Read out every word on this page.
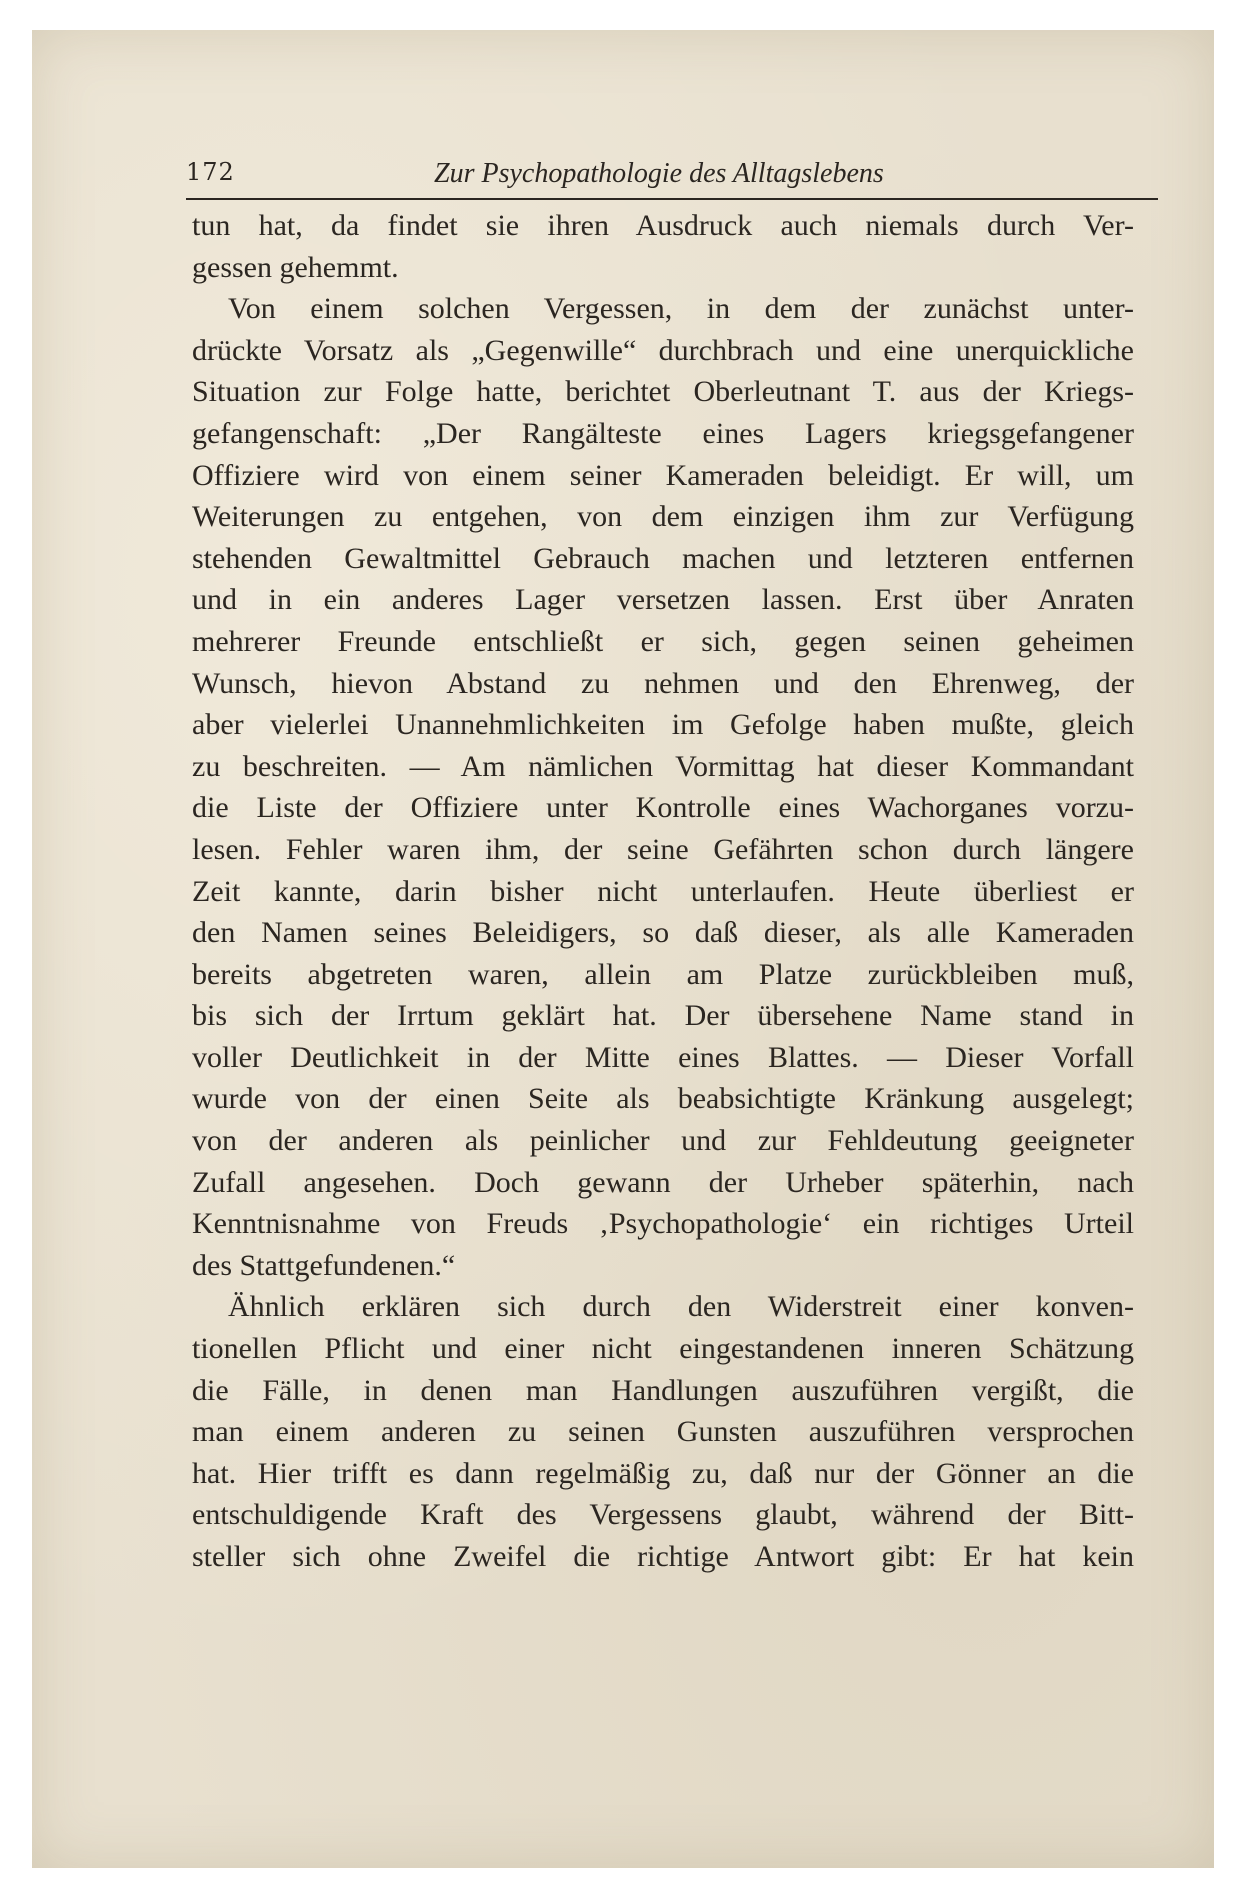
172	Zur Psychopathologie des Alltagslebens
tun hat, da findet sie ihren Ausdruck auch niemals durch Ver-
gessen gehemmt.
Von einem solchen Vergessen, in dem der zunächst unter-
drückte Vorsatz als „Gegenwille“ durchbrach und eine unerquickliche
Situation zur Folge hatte, berichtet Oberleutnant T. aus der Kriegs-
gefangenschaft: „Der Rangälteste eines Lagers kriegsgefangener
Offiziere wird von einem seiner Kameraden beleidigt. Er will, um
Weiterungen zu entgehen, von dem einzigen ihm zur Verfügung
stehenden Gewaltmittel Gebrauch machen und letzteren entfernen
und in ein anderes Lager versetzen lassen. Erst über Anraten
mehrerer Freunde entschließt er sich, gegen seinen geheimen
Wunsch, hievon Abstand zu nehmen und den Ehrenweg, der
aber vielerlei Unannehmlichkeiten im Gefolge haben mußte, gleich
zu beschreiten. — Am nämlichen Vormittag hat dieser Kommandant
die Liste der Offiziere unter Kontrolle eines Wachorganes vorzu-
lesen. Fehler waren ihm, der seine Gefährten schon durch längere
Zeit kannte, darin bisher nicht unterlaufen. Heute überliest er
den Namen seines Beleidigers, so daß dieser, als alle Kameraden
bereits abgetreten waren, allein am Platze zurückbleiben muß,
bis sich der Irrtum geklärt hat. Der übersehene Name stand in
voller Deutlichkeit in der Mitte eines Blattes. — Dieser Vorfall
wurde von der einen Seite als beabsichtigte Kränkung ausgelegt;
von der anderen als peinlicher und zur Fehldeutung geeigneter
Zufall angesehen. Doch gewann der Urheber späterhin, nach
Kenntnisnahme von Freuds ‚Psychopathologie‘ ein richtiges Urteil
des Stattgefundenen.“
Ähnlich erklären sich durch den Widerstreit einer konven-
tionellen Pflicht und einer nicht eingestandenen inneren Schätzung
die Fälle, in denen man Handlungen auszuführen vergißt, die
man einem anderen zu seinen Gunsten auszuführen versprochen
hat. Hier trifft es dann regelmäßig zu, daß nur der Gönner an die
entschuldigende Kraft des Vergessens glaubt, während der Bitt-
steller sich ohne Zweifel die richtige Antwort gibt: Er hat kein
